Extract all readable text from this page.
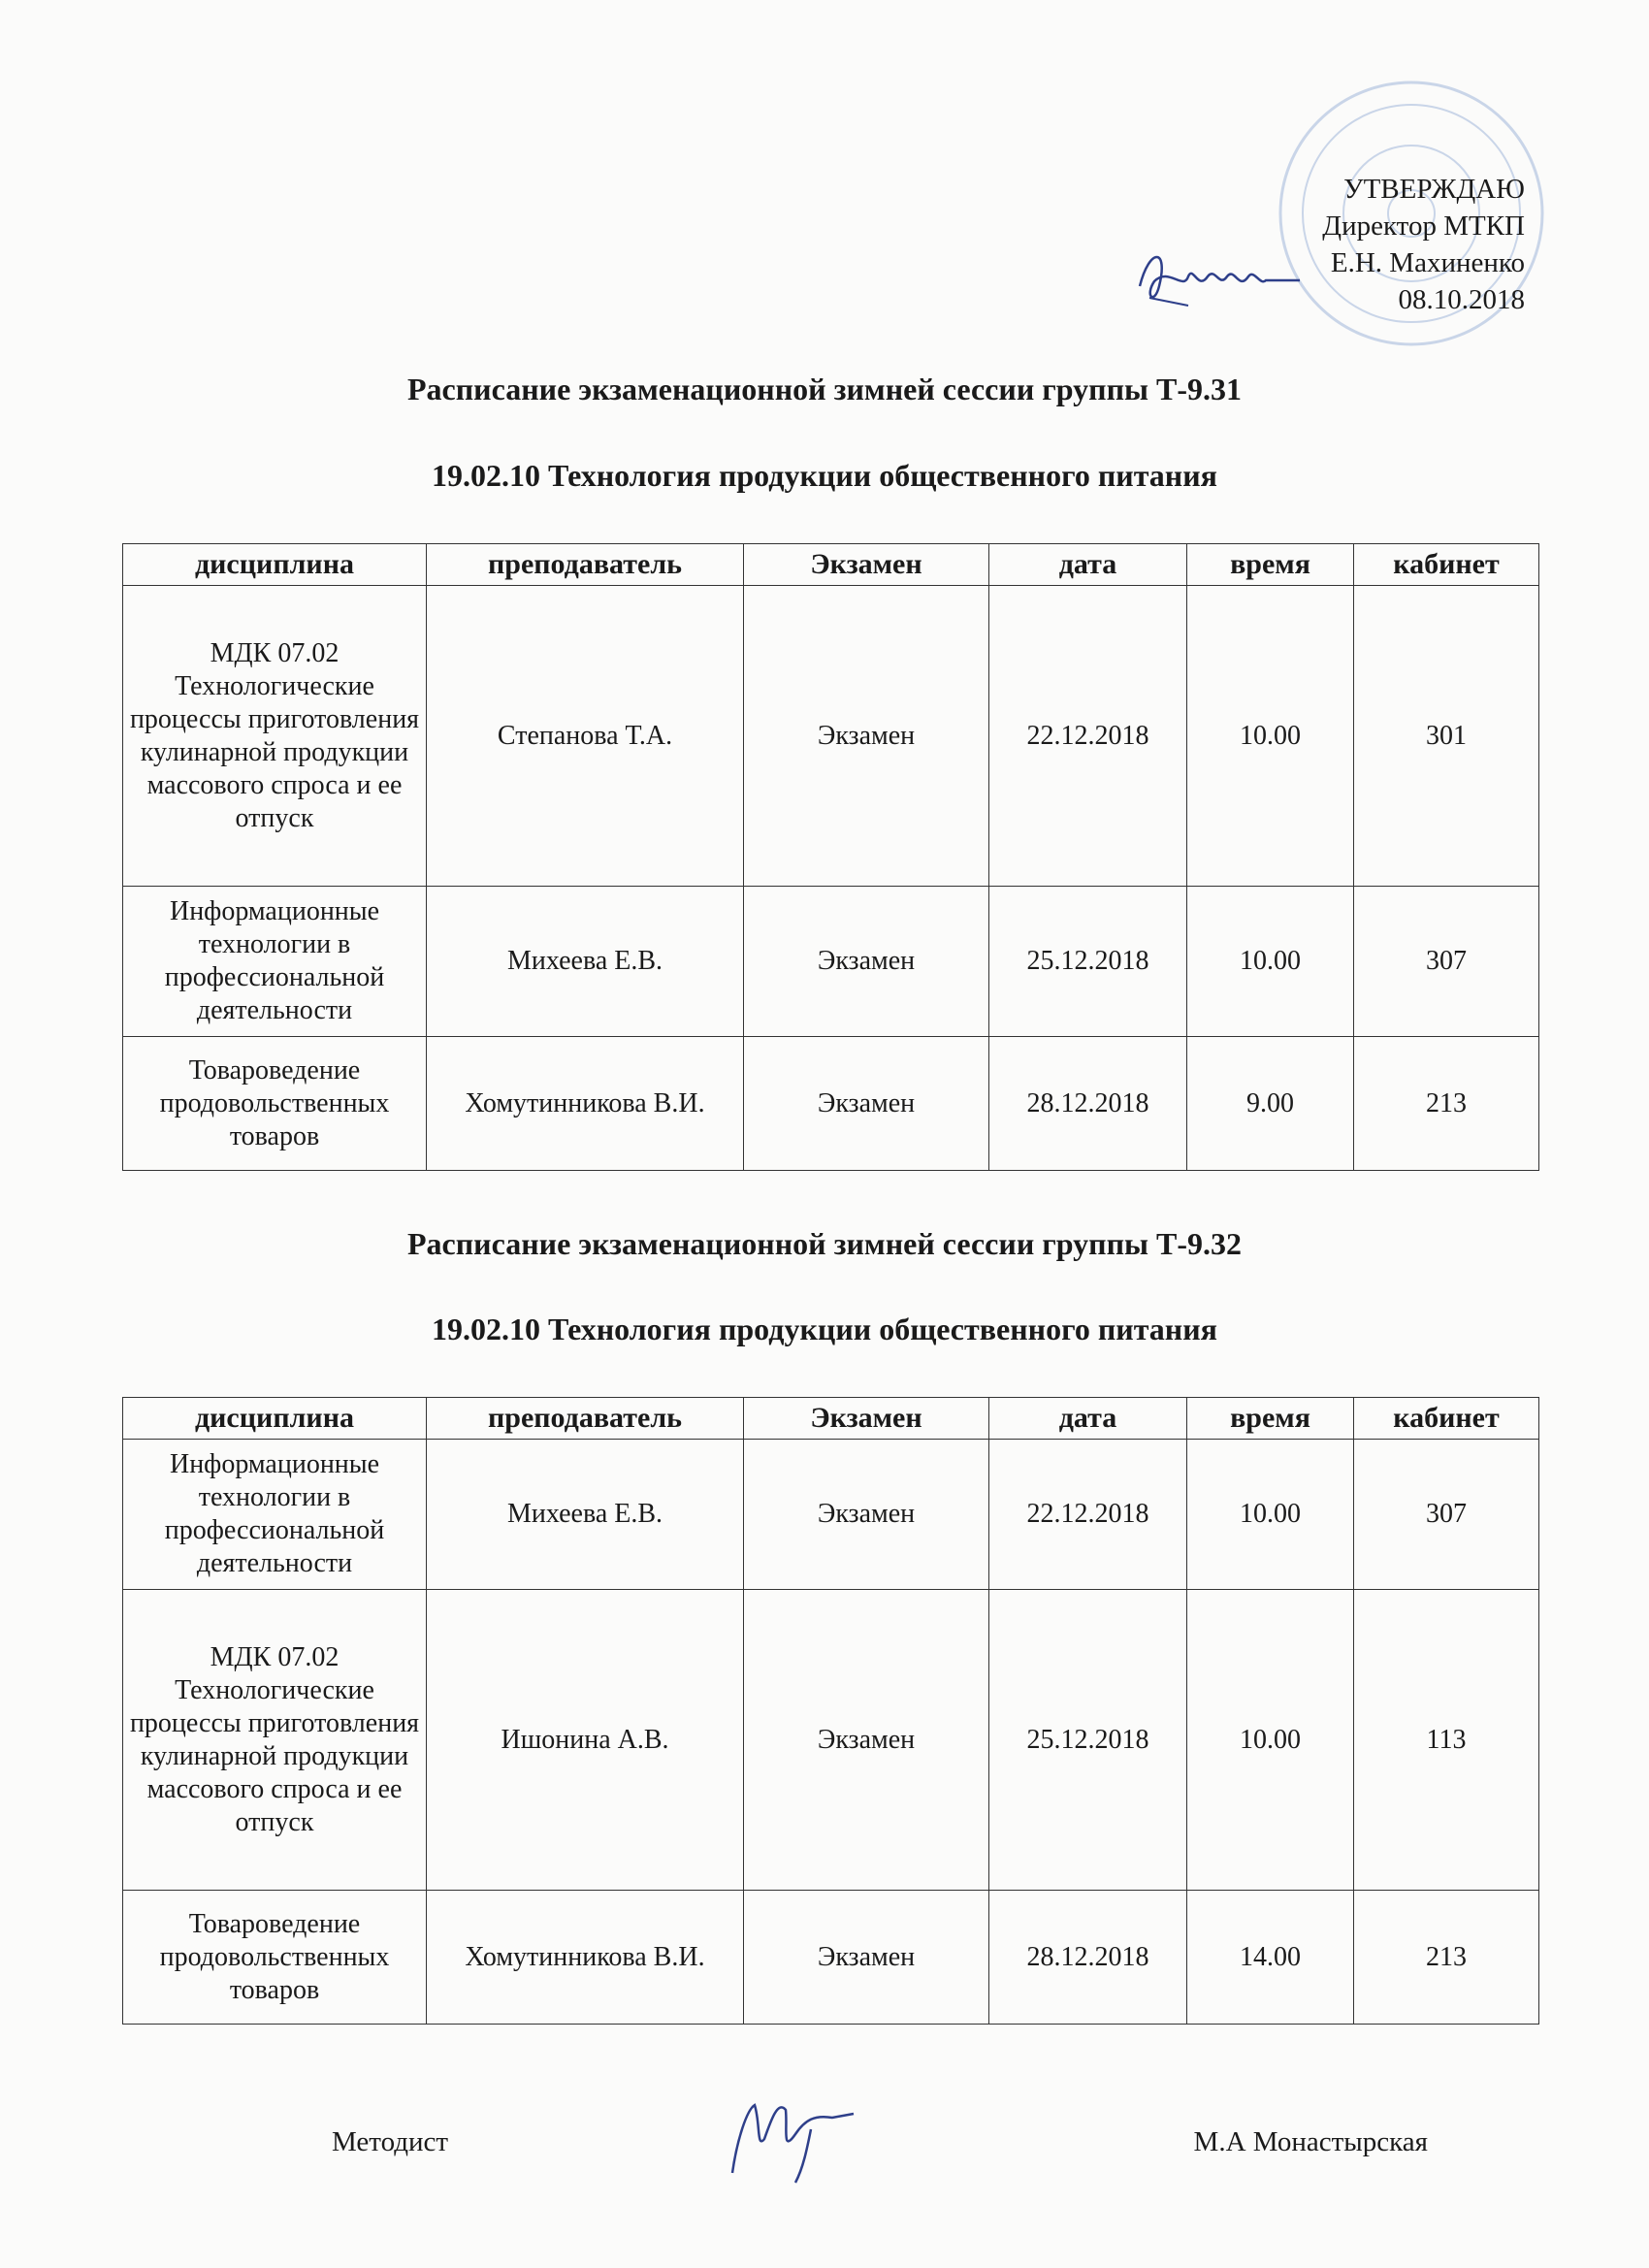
УТВЕРЖДАЮ
Директор МТКП
Е.Н. Махиненко
08.10.2018
Расписание экзаменационной зимней сессии группы Т-9.31
19.02.10 Технология продукции общественного питания
дисциплина	преподаватель	Экзамен	дата	время	кабинет
МДК 07.02 Технологические процессы приготовления кулинарной продукции массового спроса и ее отпуск	Степанова Т.А.	Экзамен	22.12.2018	10.00	301
Информационные технологии в профессиональной деятельности	Михеева Е.В.	Экзамен	25.12.2018	10.00	307
Товароведение продовольственных товаров	Хомутинникова В.И.	Экзамен	28.12.2018	9.00	213
Расписание экзаменационной зимней сессии группы Т-9.32
19.02.10 Технология продукции общественного питания
дисциплина	преподаватель	Экзамен	дата	время	кабинет
Информационные технологии в профессиональной деятельности	Михеева Е.В.	Экзамен	22.12.2018	10.00	307
МДК 07.02 Технологические процессы приготовления кулинарной продукции массового спроса и ее отпуск	Ишонина А.В.	Экзамен	25.12.2018	10.00	113
Товароведение продовольственных товаров	Хомутинникова В.И.	Экзамен	28.12.2018	14.00	213
Методист	М.А Монастырская
